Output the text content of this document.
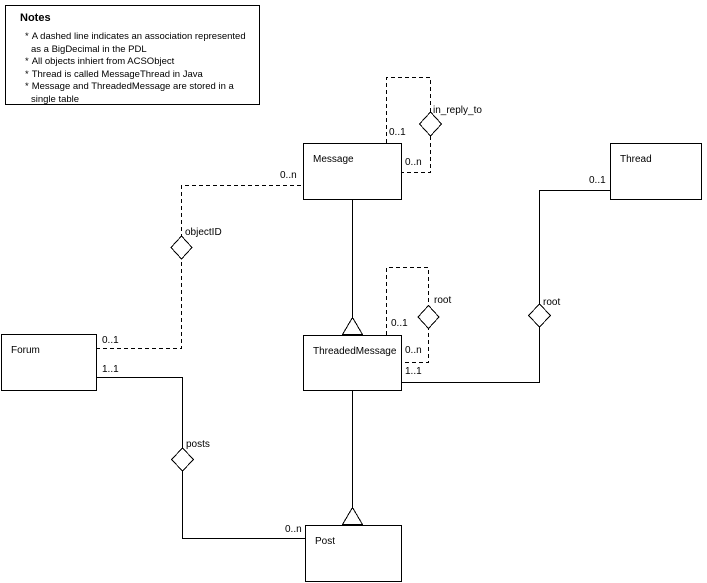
Notes
* A dashed line indicates an association represented as a BigDecimal in the PDL
* All objects inhiert from ACSObject
* Thread is called MessageThread in Java
* Message and ThreadedMessage are stored in a single table
Message	Thread
ThreadedMessage
Forum
Post
in_reply_to
objectID
root	root
posts
0..1
0..n
0..n
0..1
1..1
0..n
0..1
0..n
1..1
0..1
